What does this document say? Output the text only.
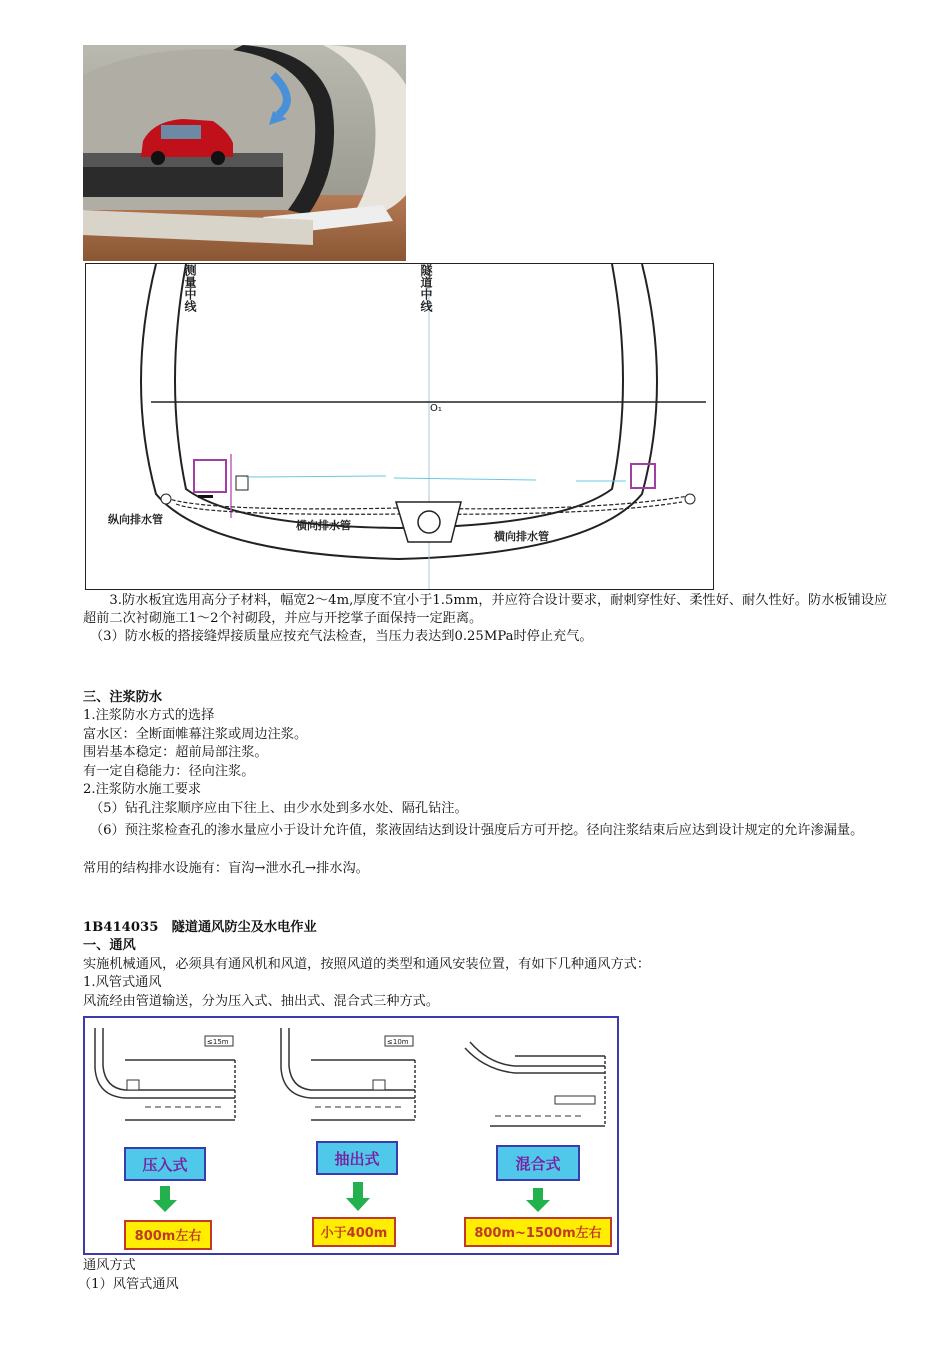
O₁
测量中线	隧道中线
纵向排水管	横向排水管
横向排水管
3.防水板宜选用高分子材料，幅宽2～4m,厚度不宜小于1.5mm，并应符合设计要求，耐刺穿性好、柔性好、耐久性好。防水板铺设应超前二次衬砌施工1～2个衬砌段，并应与开挖掌子面保持一定距离。
（3）防水板的搭接缝焊接质量应按充气法检查，当压力表达到0.25MPa时停止充气。
三、注浆防水
1.注浆防水方式的选择
富水区：全断面帷幕注浆或周边注浆。
围岩基本稳定：超前局部注浆。
有一定自稳能力：径向注浆。
2.注浆防水施工要求
（5）钻孔注浆顺序应由下往上、由少水处到多水处、隔孔钻注。
（6）预注浆检查孔的渗水量应小于设计允许值，浆液固结达到设计强度后方可开挖。径向注浆结束后应达到设计规定的允许渗漏量。
常用的结构排水设施有：盲沟→泄水孔→排水沟。
1B414035　隧道通风防尘及水电作业
一、通风
实施机械通风，必须具有通风机和风道，按照风道的类型和通风安装位置，有如下几种通风方式：
1.风管式通风
风流经由管道输送，分为压入式、抽出式、混合式三种方式。
≤15m
压入式
800m左右
≤10m
抽出式
小于400m
混合式
800m~1500m左右
通风方式
（1）风管式通风
